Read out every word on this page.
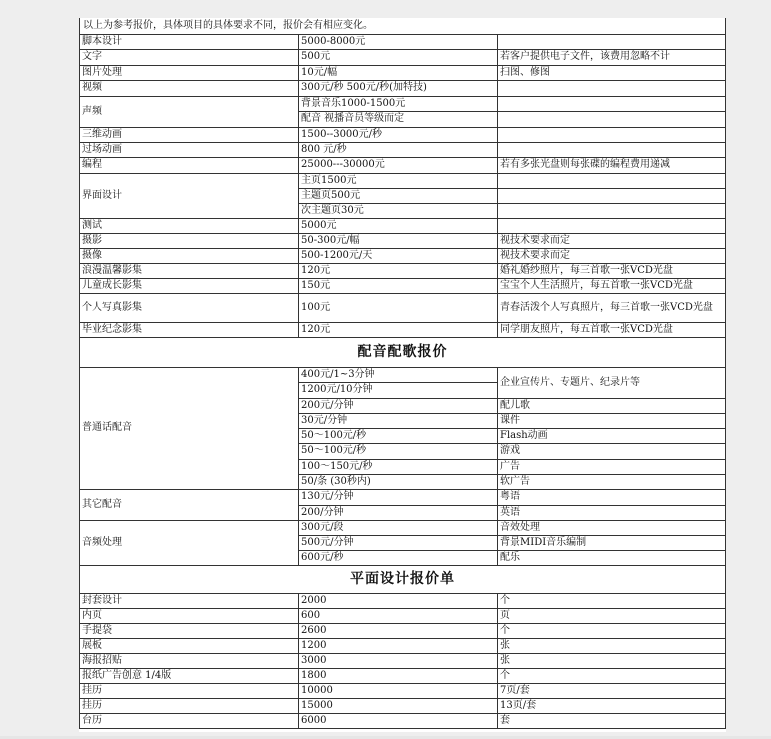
以上为参考报价，具体项目的具体要求不同，报价会有相应变化。		
脚本设计	5000-8000元	
文字	500元	若客户提供电子文件，该费用忽略不计
图片处理	10元/幅	扫图、修图
视频	300元/秒 500元/秒(加特技)	
声频	背景音乐1000-1500元	
	配音 视播音员等级而定	
三维动画	1500--3000元/秒	
过场动画	800 元/秒	
编程	25000---30000元	若有多张光盘则每张碟的编程费用递减
界面设计	主页1500元	
	主题页500元	
	次主题页30元	
测试	5000元	
摄影	50-300元/幅	视技术要求而定
摄像	500-1200元/天	视技术要求而定
浪漫温馨影集	120元	婚礼婚纱照片，每三首歌一张VCD光盘
儿童成长影集	150元	宝宝个人生活照片，每五首歌一张VCD光盘
个人写真影集	100元	青春活泼个人写真照片，每三首歌一张VCD光盘
毕业纪念影集	120元	同学朋友照片，每五首歌一张VCD光盘
配音配歌报价		
普通话配音	400元/1~3分钟	企业宣传片、专题片、纪录片等
	1200元/10分钟	
	200元/分钟	配儿歌
	30元/分钟	课件
	50～100元/秒	Flash动画
	50～100元/秒	游戏
	100～150元/秒	广告
	50/条 (30秒内)	软广告
其它配音	130元/分钟	粤语
	200/分钟	英语
音频处理	300元/段	音效处理
	500元/分钟	背景MIDI音乐编制
	600元/秒	配乐
平面设计报价单		
封套设计	2000	个
内页	600	页
手提袋	2600	个
展板	1200	张
海报招贴	3000	张
报纸广告创意 1/4版	1800	个
挂历	10000	7页/套
挂历	15000	13页/套
台历	6000	套
